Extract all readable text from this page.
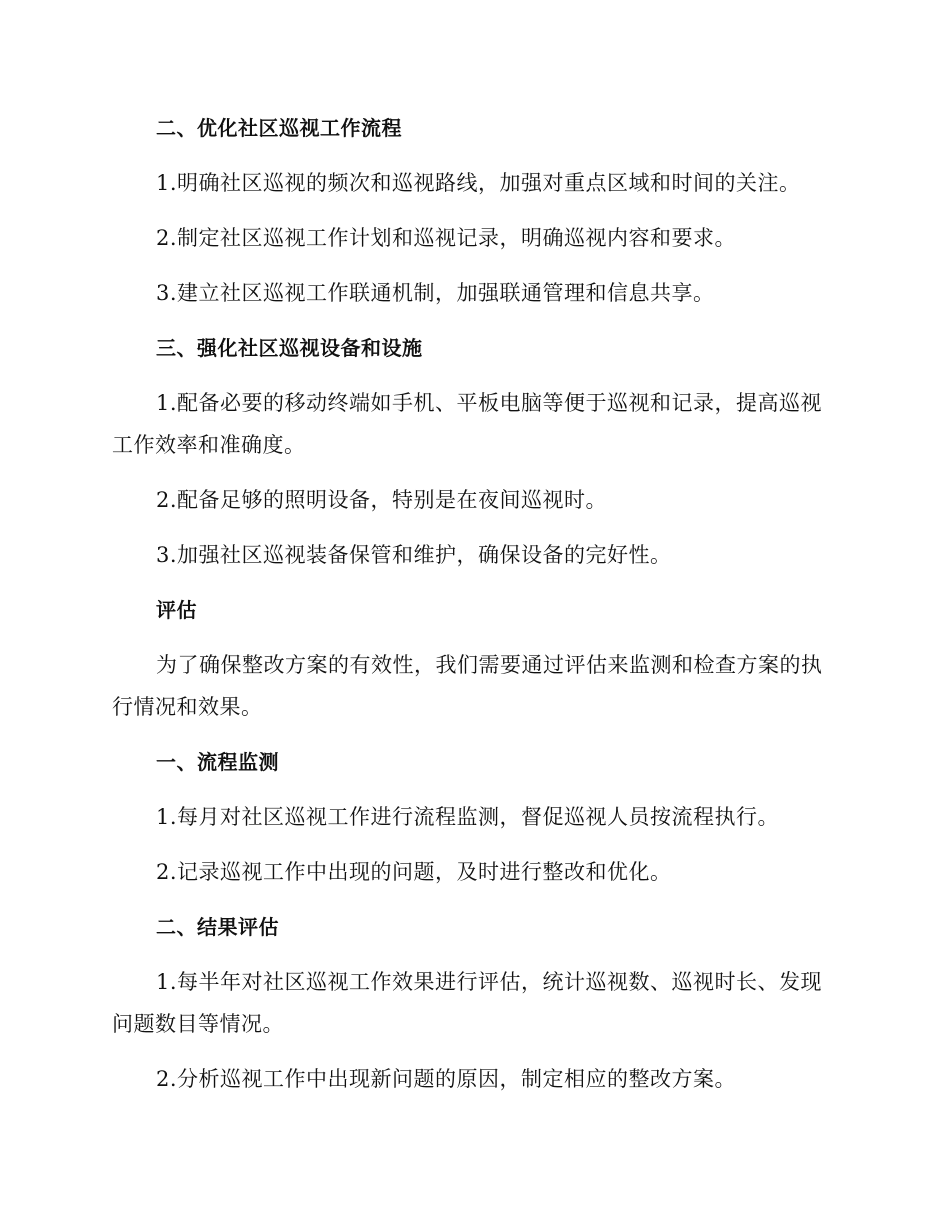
二、优化社区巡视工作流程

1.明确社区巡视的频次和巡视路线，加强对重点区域和时间的关注。

2.制定社区巡视工作计划和巡视记录，明确巡视内容和要求。

3.建立社区巡视工作联通机制，加强联通管理和信息共享。

三、强化社区巡视设备和设施

1.配备必要的移动终端如手机、平板电脑等便于巡视和记录，提高巡视工作效率和准确度。

2.配备足够的照明设备，特别是在夜间巡视时。

3.加强社区巡视装备保管和维护，确保设备的完好性。

评估

为了确保整改方案的有效性，我们需要通过评估来监测和检查方案的执行情况和效果。

一、流程监测

1.每月对社区巡视工作进行流程监测，督促巡视人员按流程执行。

2.记录巡视工作中出现的问题，及时进行整改和优化。

二、结果评估

1.每半年对社区巡视工作效果进行评估，统计巡视数、巡视时长、发现问题数目等情况。

2.分析巡视工作中出现新问题的原因，制定相应的整改方案。
